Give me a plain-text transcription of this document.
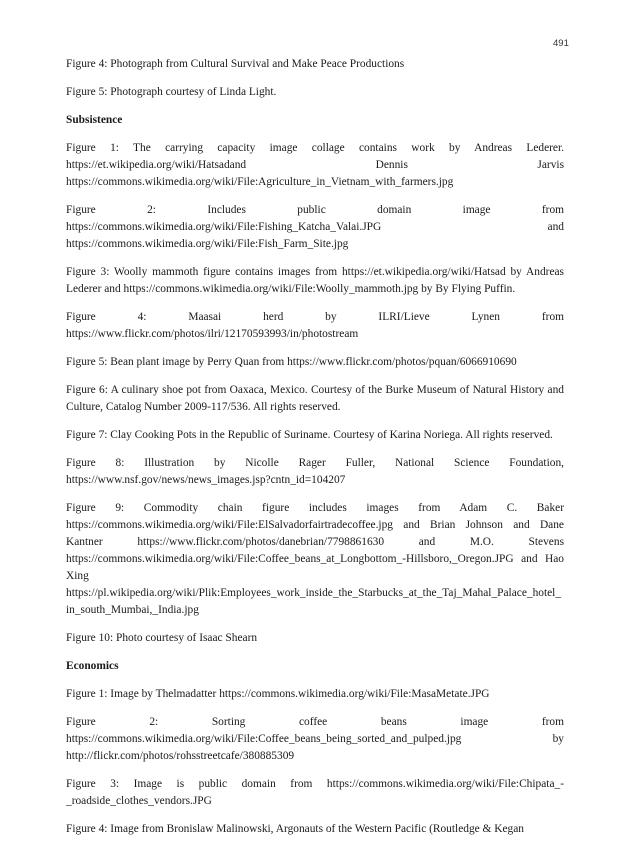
491

Figure 4: Photograph from Cultural Survival and Make Peace Productions

Figure 5: Photograph courtesy of Linda Light.

Subsistence

Figure 1: The carrying capacity image collage contains work by Andreas Lederer. https://et.wikipedia.org/wiki/Hatsadand Dennis Jarvis https://commons.wikimedia.org/wiki/File:Agriculture_in_Vietnam_with_farmers.jpg

Figure 2: Includes public domain image from https://commons.wikimedia.org/wiki/File:Fishing_Katcha_Valai.JPG and https://commons.wikimedia.org/wiki/File:Fish_Farm_Site.jpg

Figure 3: Woolly mammoth figure contains images from https://et.wikipedia.org/wiki/Hatsad by Andreas Lederer and https://commons.wikimedia.org/wiki/File:Woolly_mammoth.jpg by By Flying Puffin.

Figure 4: Maasai herd by ILRI/Lieve Lynen from https://www.flickr.com/photos/ilri/12170593993/in/photostream

Figure 5: Bean plant image by Perry Quan from https://www.flickr.com/photos/pquan/6066910690

Figure 6: A culinary shoe pot from Oaxaca, Mexico. Courtesy of the Burke Museum of Natural History and Culture, Catalog Number 2009-117/536. All rights reserved.

Figure 7: Clay Cooking Pots in the Republic of Suriname. Courtesy of Karina Noriega. All rights reserved.

Figure 8: Illustration by Nicolle Rager Fuller, National Science Foundation, https://www.nsf.gov/news/news_images.jsp?cntn_id=104207

Figure 9: Commodity chain figure includes images from Adam C. Baker https://commons.wikimedia.org/wiki/File:ElSalvadorfairtradecoffee.jpg and Brian Johnson and Dane Kantner https://www.flickr.com/photos/danebrian/7798861630 and M.O. Stevens https://commons.wikimedia.org/wiki/File:Coffee_beans_at_Longbottom_-Hillsboro,_Oregon.JPG and Hao Xing https://pl.wikipedia.org/wiki/Plik:Employees_work_inside_the_Starbucks_at_the_Taj_Mahal_Palace_hotel_in_south_Mumbai,_India.jpg

Figure 10: Photo courtesy of Isaac Shearn

Economics

Figure 1: Image by Thelmadatter https://commons.wikimedia.org/wiki/File:MasaMetate.JPG

Figure 2: Sorting coffee beans image from https://commons.wikimedia.org/wiki/File:Coffee_beans_being_sorted_and_pulped.jpg by http://flickr.com/photos/rohsstreetcafe/380885309

Figure 3: Image is public domain from https://commons.wikimedia.org/wiki/File:Chipata_-_roadside_clothes_vendors.JPG

Figure 4: Image from Bronislaw Malinowski, Argonauts of the Western Pacific (Routledge & Kegan
